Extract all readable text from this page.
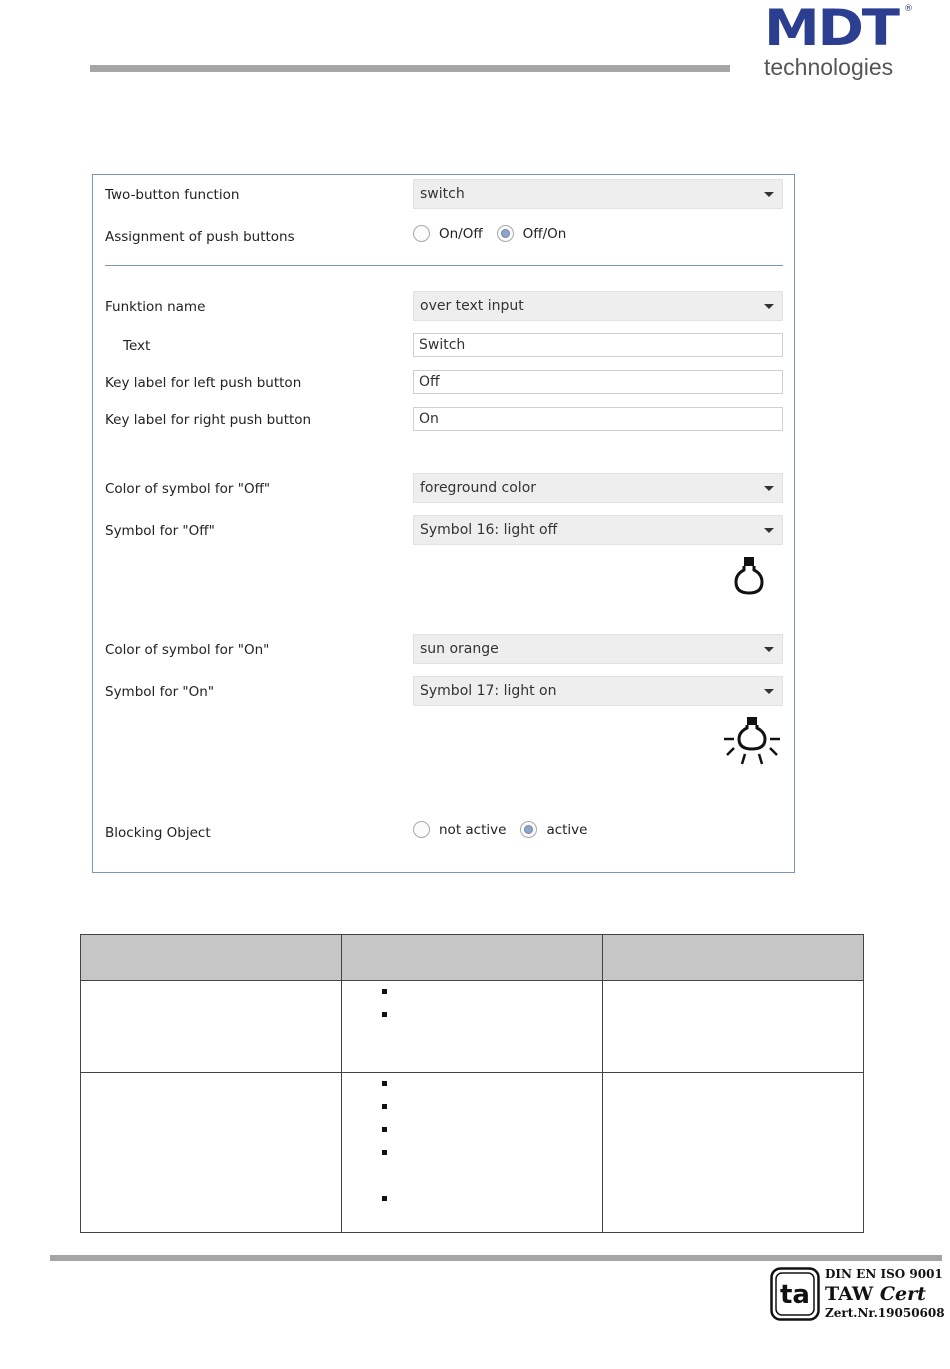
MDT ®
technologies
Two-button function	switch
Assignment of push buttons	On/Off	Off/On
Funktion name	over text input
Text	Switch
Key label for left push button	Off
Key label for right push button	On
Color of symbol for "Off"	foreground color
Symbol for "Off"	Symbol 16: light off
Color of symbol for "On"	sun orange
Symbol for "On"	Symbol 17: light on
Blocking Object	not active	active

ta
DIN EN ISO 9001
TAW Cert
Zert.Nr.19050608
